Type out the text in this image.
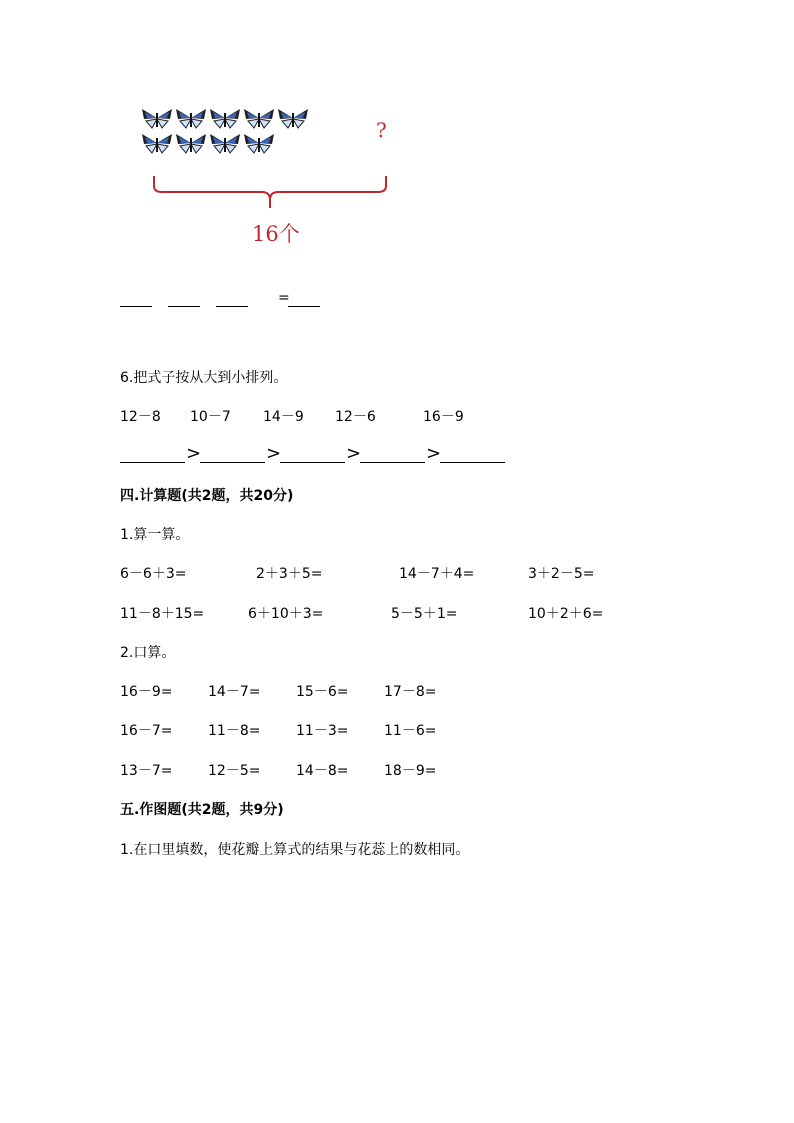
?
16个
=
6.把式子按从大到小排列。
12－8 10－7 14－9 12－6	16－9
>	>	>	>
四.计算题(共2题，共20分)
1.算一算。
6－6＋3=	2＋3＋5=	14－7＋4=	3＋2－5=
11－8＋15=	6＋10＋3=	5－5＋1=	10＋2＋6=
2.口算。
16－9=	14－7=	15－6=	17－8=
16－7=	11－8=	11－3=	11－6=
13－7=	12－5=	14－8=	18－9=
五.作图题(共2题，共9分)
1.在口里填数，使花瓣上算式的结果与花蕊上的数相同。
